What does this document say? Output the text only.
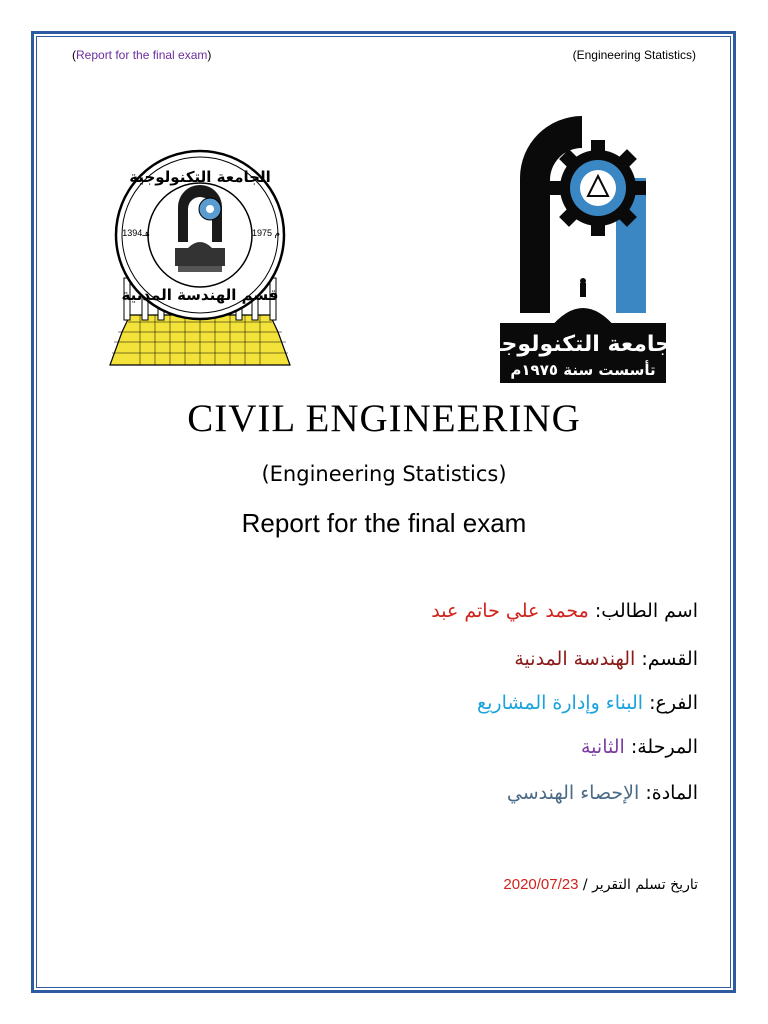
(Report for the final exam)	(Engineering Statistics)
الجامعة التكنولوجية
قسم الهندسة المدنية
1394هـ	م 1975
الجامعة التكنولوجية
تأسست سنة ١٩٧٥م
CIVIL ENGINEERING
(Engineering Statistics)
Report for the final exam
اسم الطالب: محمد علي حاتم عبد
القسم: الهندسة المدنية
الفرع: البناء وإدارة المشاريع
المرحلة: الثانية
المادة: الإحصاء الهندسي
تاريخ تسلم التقرير / 2020/07/23
